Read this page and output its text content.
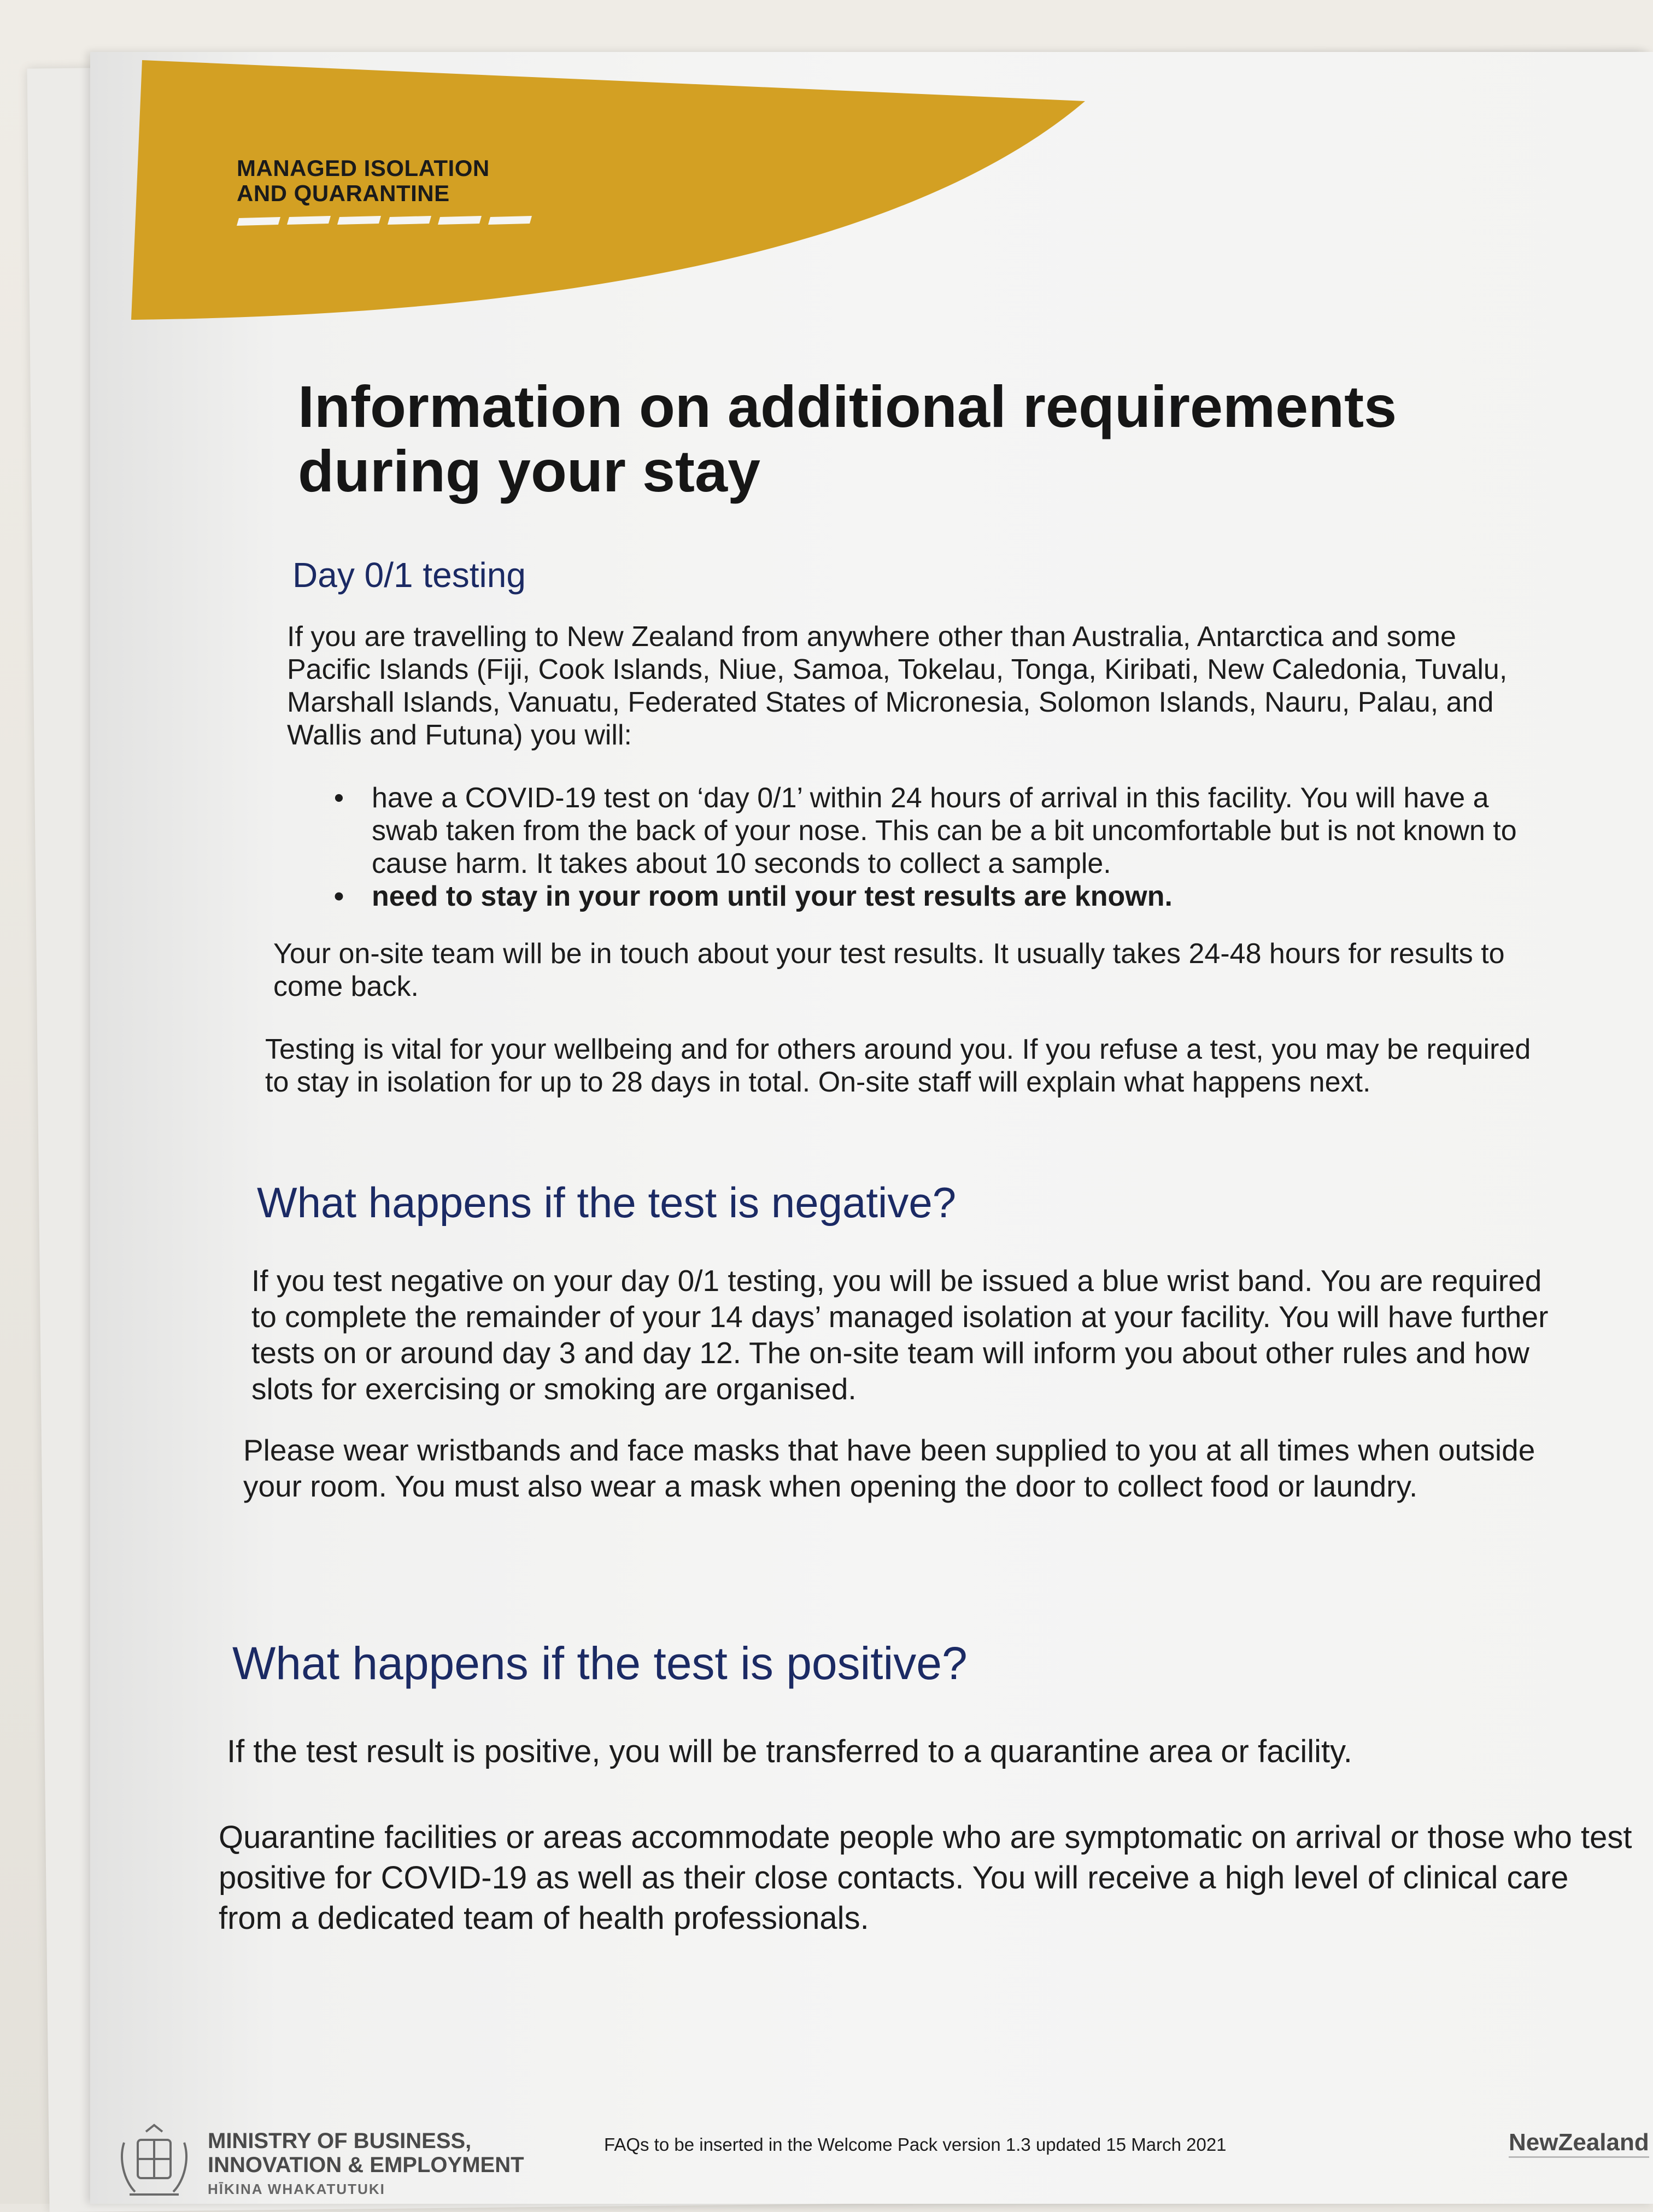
MANAGED ISOLATION
AND QUARANTINE
Information on additional requirements during your stay
Day 0/1 testing

If you are travelling to New Zealand from anywhere other than Australia, Antarctica and some Pacific Islands (Fiji, Cook Islands, Niue, Samoa, Tokelau, Tonga, Kiribati, New Caledonia, Tuvalu, Marshall Islands, Vanuatu, Federated States of Micronesia, Solomon Islands, Nauru, Palau, and Wallis and Futuna) you will:

• have a COVID-19 test on ‘day 0/1’ within 24 hours of arrival in this facility. You will have a swab taken from the back of your nose. This can be a bit uncomfortable but is not known to cause harm. It takes about 10 seconds to collect a sample.
• need to stay in your room until your test results are known.

Your on-site team will be in touch about your test results. It usually takes 24-48 hours for results to come back.

Testing is vital for your wellbeing and for others around you. If you refuse a test, you may be required to stay in isolation for up to 28 days in total. On-site staff will explain what happens next.

What happens if the test is negative?

If you test negative on your day 0/1 testing, you will be issued a blue wrist band. You are required to complete the remainder of your 14 days’ managed isolation at your facility. You will have further tests on or around day 3 and day 12. The on-site team will inform you about other rules and how slots for exercising or smoking are organised.

Please wear wristbands and face masks that have been supplied to you at all times when outside your room. You must also wear a mask when opening the door to collect food or laundry.

What happens if the test is positive?

If the test result is positive, you will be transferred to a quarantine area or facility.

Quarantine facilities or areas accommodate people who are symptomatic on arrival or those who test positive for COVID-19 as well as their close contacts. You will receive a high level of clinical care from a dedicated team of health professionals.

MINISTRY OF BUSINESS,
INNOVATION & EMPLOYMENT
HĪKINA WHAKATUTUKI
FAQs to be inserted in the Welcome Pack version 1.3 updated 15 March 2021	NewZealand
